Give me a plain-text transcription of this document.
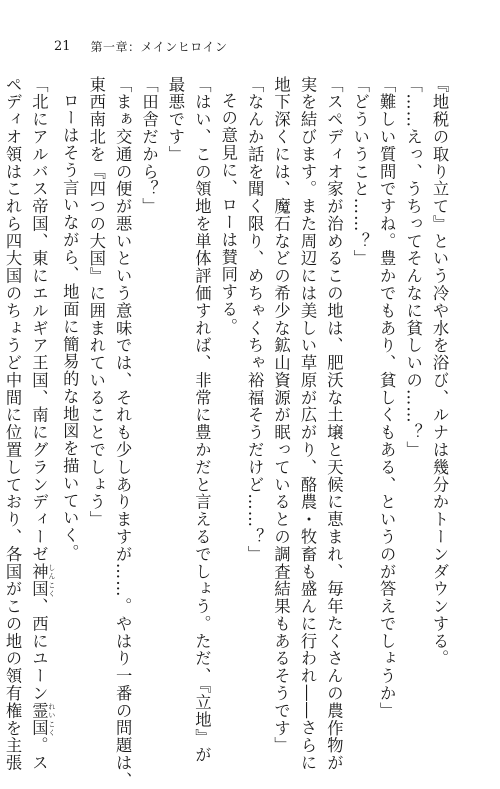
21 第一章：メインヒロイン
『地税の取り立て』という冷や水を浴び、ルナは幾分かトーンダウンする。
「……えっ、うちってそんなに貧しいの……？」
「難しい質問ですね。豊かでもあり、貧しくもある、というのが答えでしょうか」
「どういうこと……？」
「スペディオ家が治めるこの地は、肥沃な土壌と天候に恵まれ、毎年たくさんの農作物が
実を結びます。また周辺には美しい草原が広がり、酪農・牧畜も盛んに行われ――さらに
地下深くには、魔石などの希少な鉱山資源が眠っているとの調査結果もあるそうです」
「なんか話を聞く限り、めちゃくちゃ裕福そうだけど……？」
その意見に、ローは賛同する。
「はい、この領地を単体評価すれば、非常に豊かだと言えるでしょう。ただ、『立地』が
最悪です」
「田舎だから？」
「まぁ交通の便が悪いという意味では、それも少しありますが……。やはり一番の問題は、
東西南北を『四つの大国』に囲まれていることでしょう」
ローはそう言いながら、地面に簡易的な地図を描いていく。
「北にアルバス帝国、東にエルギア王国、南にグランディーゼ神国 しんこく、西にユーン霊国 れいこく。ス
ペディオ領はこれら四大国のちょうど中間に位置しており、各国がこの地の領有権を主張
